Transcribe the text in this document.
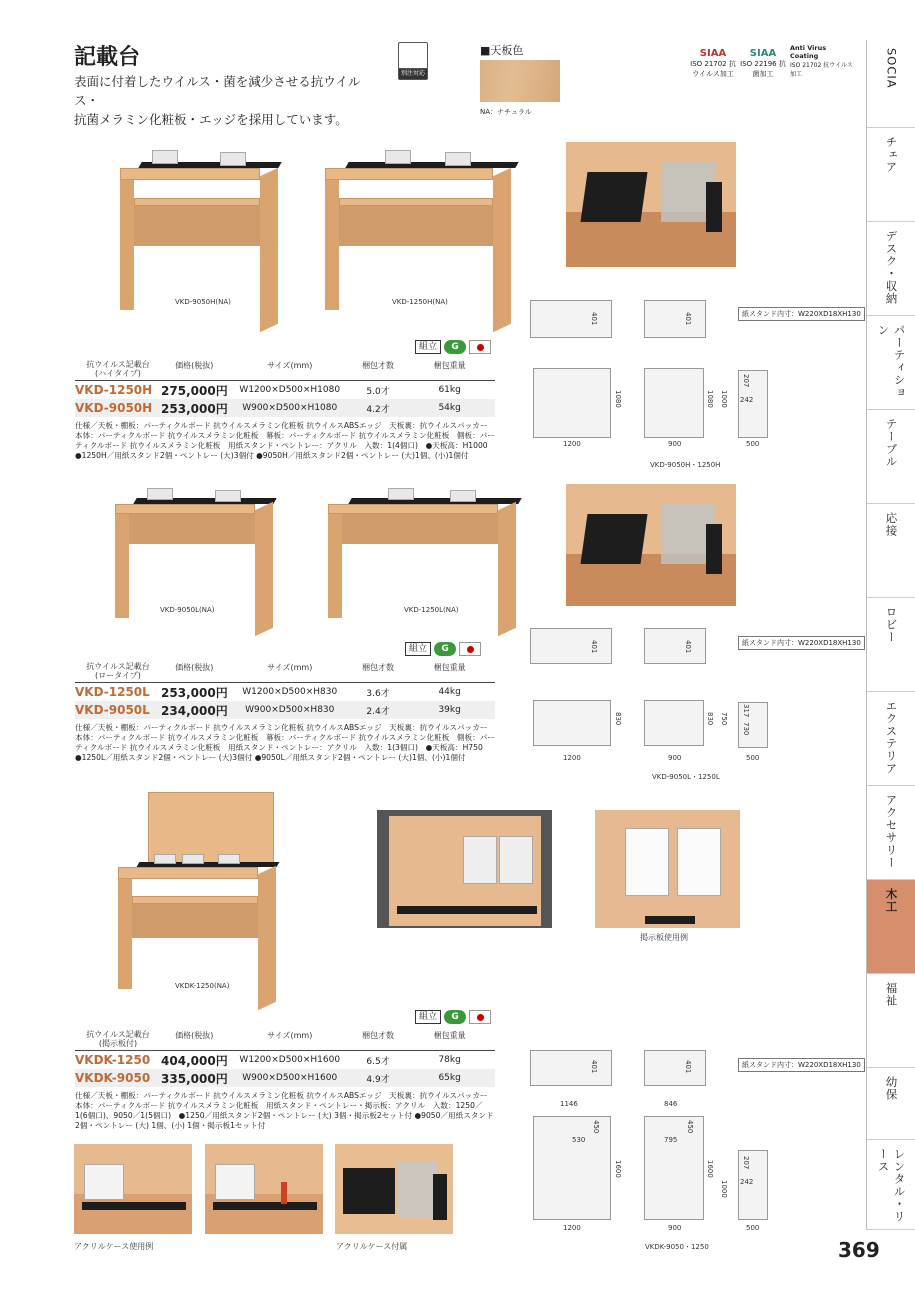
記載台
表面に付着したウイルス・菌を減少させる抗ウイルス・
抗菌メラミン化粧板・エッジを採用しています。
別注対応
■天板色
NA：ナチュラル
SIAA
ISO 21702 抗ウイルス加工
SIAA
ISO 22196 抗菌加工
Anti Virus Coating
ISO 21702 抗ウイルス加工	SOCIA
チェア
デスク・収納
パーティション
テーブル
応接
ロビー
エクステリア
アクセサリー
木工
福祉
幼保
レンタル・リース
369
VKD-9050H(NA)	VKD-1250H(NA)
組立	G
抗ウイルス記載台
(ハイタイプ)
価格(税抜)	サイズ(mm)	梱包才数	梱包重量
VKD-1250H 275,000円	W1200×D500×H1080	5.0才	61kg
VKD-9050H 253,000円	W900×D500×H1080	4.2才	54kg
仕様／天板・棚板：パーティクルボード 抗ウイルスメラミン化粧板 抗ウイルスABSエッジ　天板裏：抗ウイルスパッカー　本体：パーティクルボード 抗ウイルスメラミン化粧板　幕板：パーティクルボード 抗ウイルスメラミン化粧板　側板：パーティクルボード 抗ウイルスメラミン化粧板　用紙スタンド・ペントレー：アクリル　入数：1(4個口)　●天板高：H1000　●1250H／用紙スタンド2個・ペントレー (大)3個付 ●9050H／用紙スタンド2個・ペントレー (大)1個、(小)1個付
401	401	紙スタンド内寸：W220XD18XH130
1080	1080 1000
207
242
1200	900	500
VKD-9050H・1250H
VKD-9050L(NA)	VKD-1250L(NA)
組立	G
抗ウイルス記載台
(ロータイプ)
価格(税抜)	サイズ(mm)	梱包才数	梱包重量
VKD-1250L 253,000円	W1200×D500×H830	3.6才	44kg
VKD-9050L 234,000円	W900×D500×H830	2.4才	39kg
仕様／天板・棚板：パーティクルボード 抗ウイルスメラミン化粧板 抗ウイルスABSエッジ　天板裏：抗ウイルスパッカー　本体：パーティクルボード 抗ウイルスメラミン化粧板　幕板：パーティクルボード 抗ウイルスメラミン化粧板　側板：パーティクルボード 抗ウイルスメラミン化粧板　用紙スタンド・ペントレー：アクリル　入数：1(3個口)　●天板高：H750　●1250L／用紙スタンド2個・ペントレー (大)3個付 ●9050L／用紙スタンド2個・ペントレー (大)1個、(小)1個付
401	401	紙スタンド内寸：W220XD18XH130
830	830 750
317
730
1200	900	500
VKD-9050L・1250L
VKDK-1250(NA)
掲示板使用例
組立	G
抗ウイルス記載台
(掲示板付)
価格(税抜)	サイズ(mm)	梱包才数	梱包重量
VKDK-1250 404,000円	W1200×D500×H1600	6.5才	78kg
VKDK-9050 335,000円	W900×D500×H1600	4.9才	65kg
仕様／天板・棚板：パーティクルボード 抗ウイルスメラミン化粧板 抗ウイルスABSエッジ　天板裏：抗ウイルスパッカー　本体：パーティクルボード 抗ウイルスメラミン化粧板　用紙スタンド・ペントレー・掲示板：アクリル　入数：1250／1(6個口)、9050／1(5個口)　●1250／用紙スタンド2個・ペントレー (大) 3個・掲示板2セット付 ●9050／用紙スタンド2個・ペントレー (大) 1個、(小) 1個・掲示板1セット付
アクリルケース使用例	アクリルケース付属
401	401	紙スタンド内寸：W220XD18XH130
1146	846
530
450
1600
795
450
1600
1000
207
242
1200	900	500
VKDK-9050・1250
